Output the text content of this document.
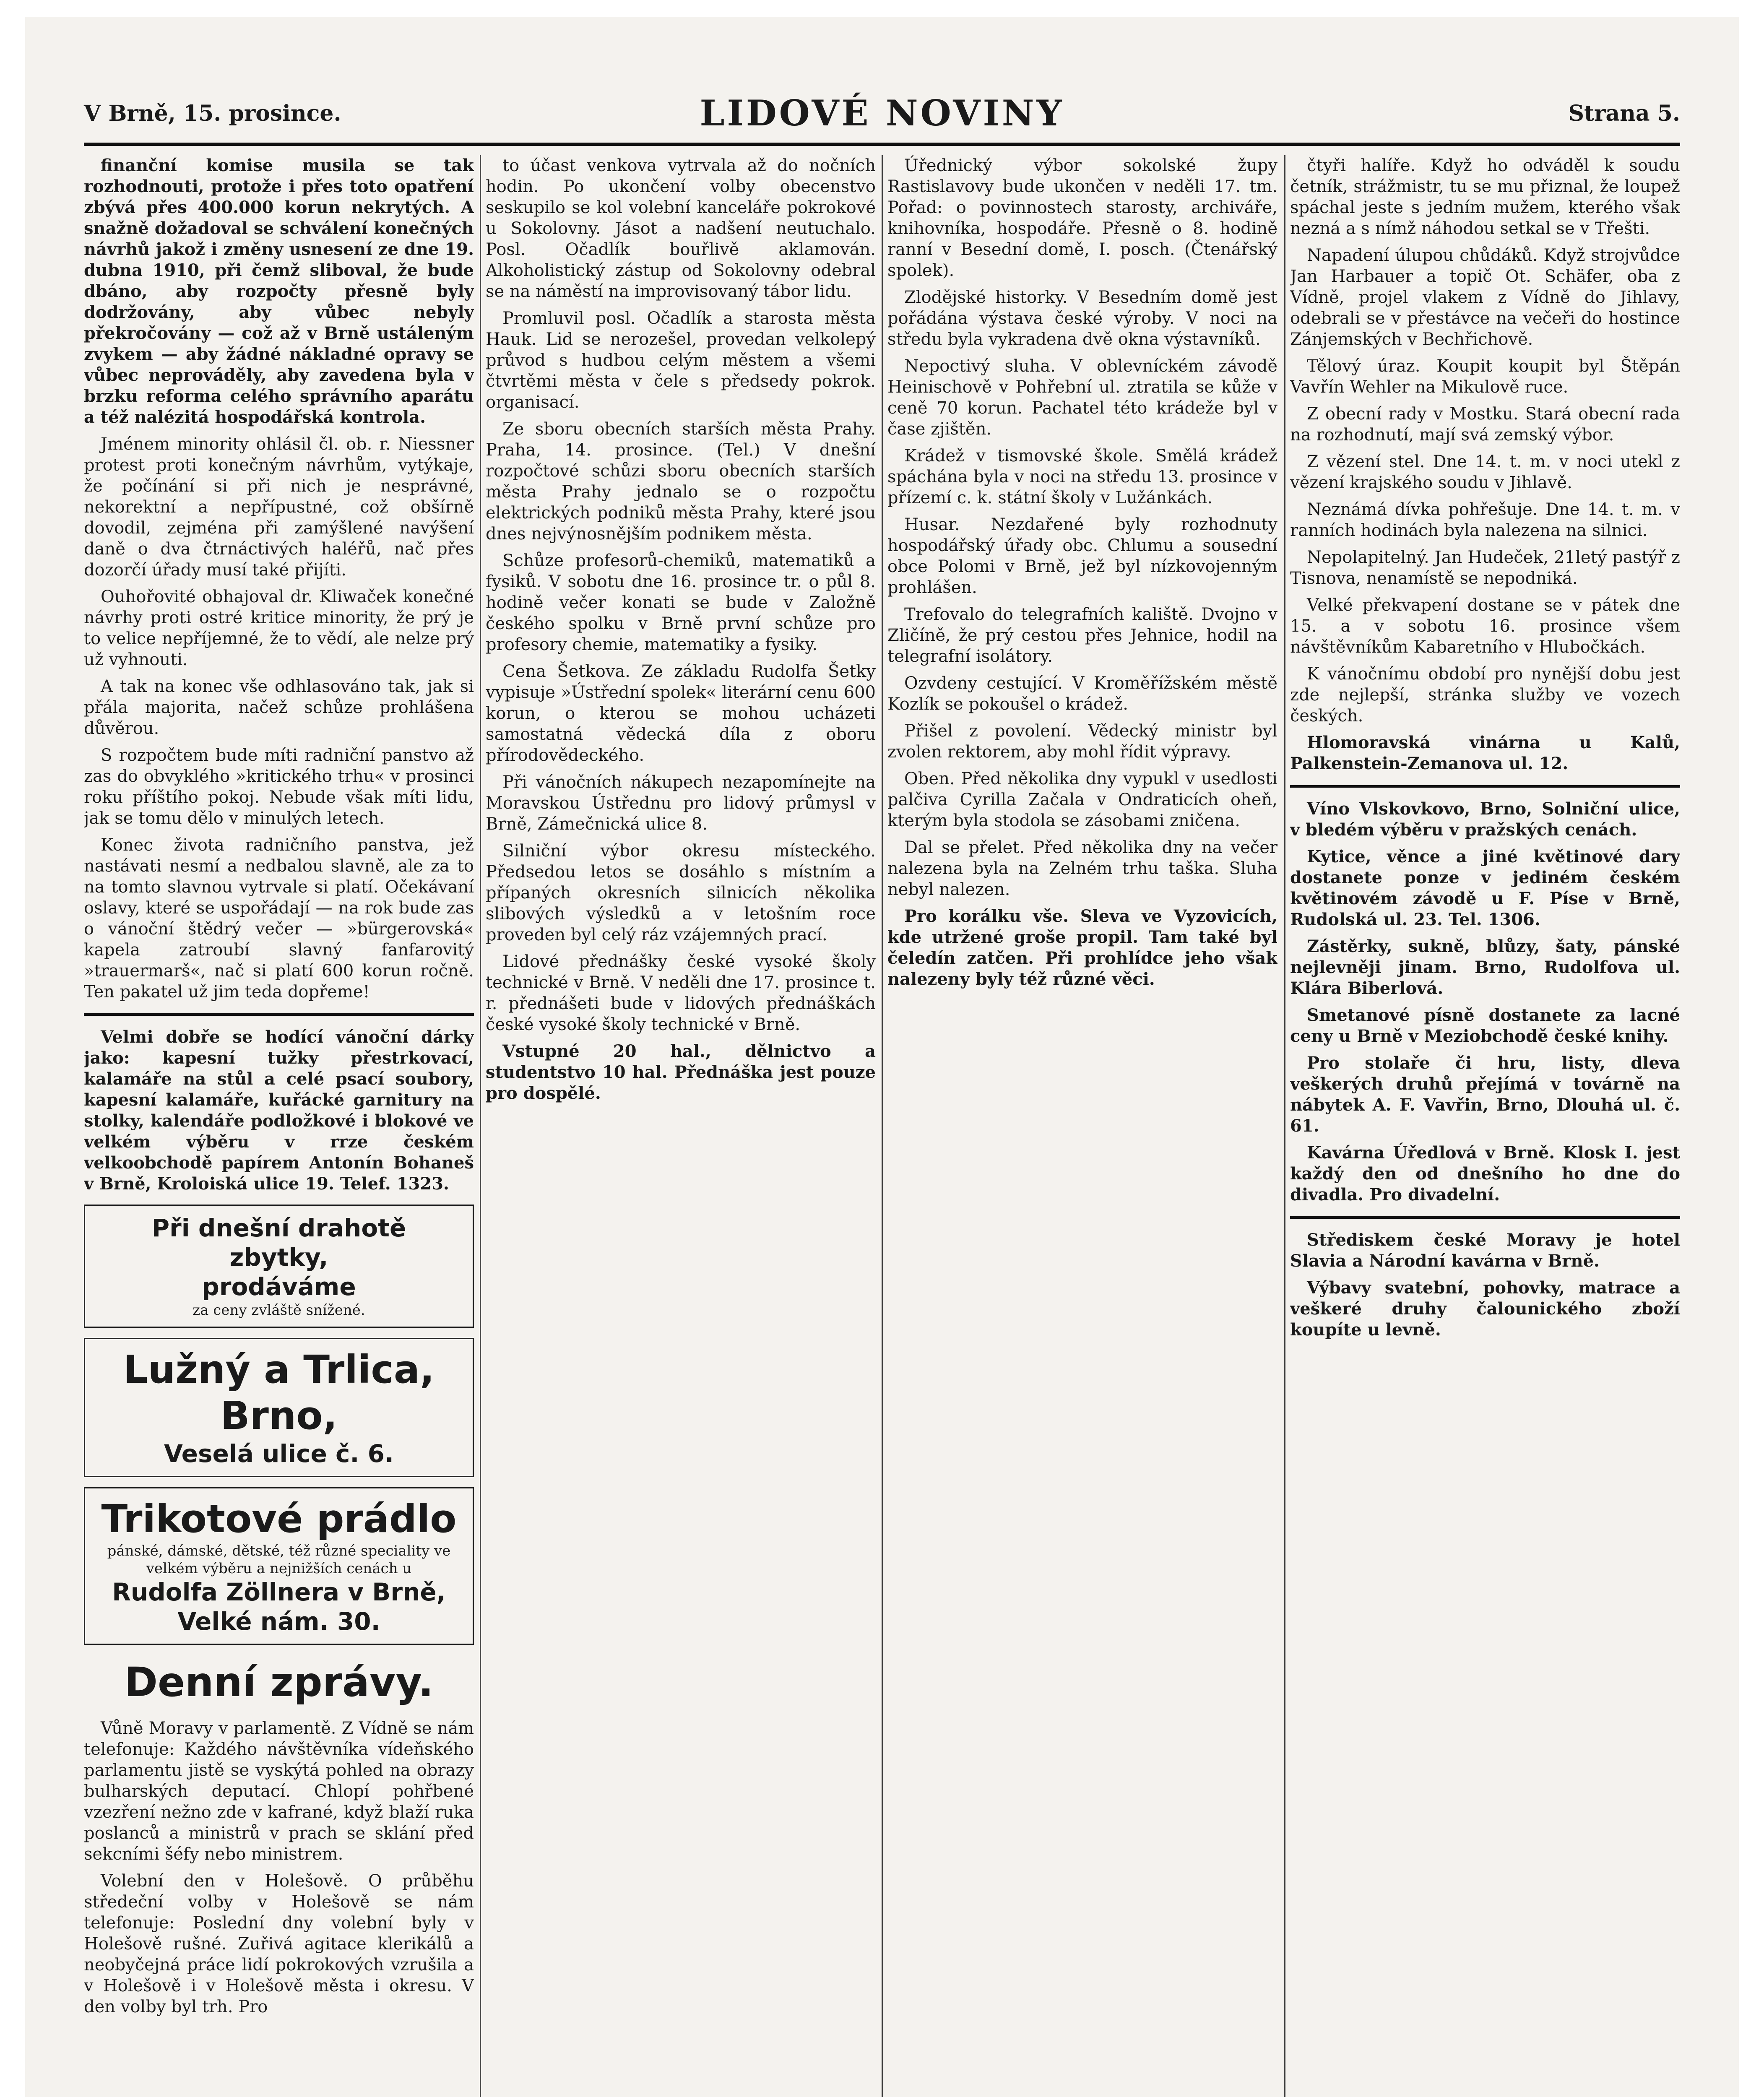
V Brně, 15. prosince.	LIDOVÉ NOVINY	Strana 5.

finanční komise musila se tak rozhodnouti, protože i přes toto opatření zbývá přes 400.000 korun nekrytých. A snažně dožadoval se schválení konečných návrhů jakož i změny usnesení ze dne 19. dubna 1910, při čemž sliboval, že bude dbáno, aby rozpočty přesně byly dodržovány, aby vůbec nebyly překročovány — což až v Brně ustáleným zvykem — aby žádné nákladné opravy se vůbec neprováděly, aby zavedena byla v brzku reforma celého správního aparátu a též nalézitá hospodářská kontrola.

Jménem minority ohlásil čl. ob. r. Niessner protest proti konečným návrhům, vytýkaje, že počínání si při nich je nesprávné, nekorektní a nepřípustné, což obšírně dovodil, zejména při zamýšlené navýšení daně o dva čtrnáctivých haléřů, nač přes dozorčí úřady musí také přijíti.

Ouhořovité obhajoval dr. Kliwaček konečné návrhy proti ostré kritice minority, že prý je to velice nepříjemné, že to vědí, ale nelze prý už vyhnouti.

A tak na konec vše odhlasováno tak, jak si přála majorita, načež schůze prohlášena důvěrou.

S rozpočtem bude míti radniční panstvo až zas do obvyklého »kritického trhu« v prosinci roku příštího pokoj. Nebude však míti lidu, jak se tomu dělo v minulých letech.

Konec života radničního panstva, jež nastávati nesmí a nedbalou slavně, ale za to na tomto slavnou vytrvale si platí. Očekávaní oslavy, které se uspořádají — na rok bude zas o vánoční štědrý večer — »bürgerovská« kapela zatroubí slavný fanfarovitý »trauermarš«, nač si platí 600 korun ročně. Ten pakatel už jim teda dopřeme!

Velmi dobře se hodící vánoční dárky jako: kapesní tužky přestrkovací, kalamáře na stůl a celé psací soubory, kapesní kalamáře, kuřácké garnitury na stolky, kalendáře podložkové i blokové ve velkém výběru v rrze českém velkoobchodě papírem Antonín Bohaneš v Brně, Kroloiská ulice 19. Telef. 1323.

Při dnešní drahotě
zbytky,
prodáváme
za ceny zvláště snížené.
Lužný a Trlica, Brno,
Veselá ulice č. 6.
Trikotové prádlo
pánské, dámské, dětské, též různé speciality ve velkém výběru a nejnižších cenách u
Rudolfa Zöllnera v Brně,
Velké nám. 30.
Denní zprávy.

Vůně Moravy v parlamentě. Z Vídně se nám telefonuje: Každého návštěvníka vídeňského parlamentu jistě se vyskýtá pohled na obrazy bulharských deputací. Chlopí pohřbené vzezření nežno zde v kafrané, když blaží ruka poslanců a ministrů v prach se sklání před sekcními šéfy nebo ministrem.

Volební den v Holešově. O průběhu středeční volby v Holešově se nám telefonuje: Poslední dny volební byly v Holešově rušné. Zuřivá agitace klerikálů a neobyčejná práce lidí pokrokových vzrušila a v Holešově i v Holešově města i okresu. V den volby byl trh. Pro

to účast venkova vytrvala až do nočních hodin. Po ukončení volby obecenstvo seskupilo se kol volební kanceláře pokrokové u Sokolovny. Jásot a nadšení neutuchalo. Posl. Očadlík bouřlivě aklamován. Alkoholistický zástup od Sokolovny odebral se na náměstí na improvisovaný tábor lidu.

Promluvil posl. Očadlík a starosta města Hauk. Lid se nerozešel, provedan velkolepý průvod s hudbou celým městem a všemi čtvrtěmi města v čele s předsedy pokrok. organisací.

Ze sboru obecních starších města Prahy. Praha, 14. prosince. (Tel.) V dnešní rozpočtové schůzi sboru obecních starších města Prahy jednalo se o rozpočtu elektrických podniků města Prahy, které jsou dnes nejvýnosnějším podnikem města.

Schůze profesorů-chemiků, matematiků a fysiků. V sobotu dne 16. prosince tr. o půl 8. hodině večer konati se bude v Založně českého spolku v Brně první schůze pro profesory chemie, matematiky a fysiky.

Cena Šetkova. Ze základu Rudolfa Šetky vypisuje »Ústřední spolek« literární cenu 600 korun, o kterou se mohou ucházeti samostatná vědecká díla z oboru přírodovědeckého.

Při vánočních nákupech nezapomínejte na Moravskou Ústřednu pro lidový průmysl v Brně, Zámečnická ulice 8.

Silniční výbor okresu místeckého. Předsedou letos se dosáhlo s místním a přípaných okresních silnicích několika slibových výsledků a v letošním roce proveden byl celý ráz vzájemných prací.

Lidové přednášky české vysoké školy technické v Brně. V neděli dne 17. prosince t. r. přednášeti bude v lidových přednáškách české vysoké školy technické v Brně.

Vstupné 20 hal., dělnictvo a studentstvo 10 hal. Přednáška jest pouze pro dospělé.

Úřednický výbor sokolské župy Rastislavovy bude ukončen v neděli 17. tm. Pořad: o povinnostech starosty, archiváře, knihovníka, hospodáře. Přesně o 8. hodině ranní v Besední domě, I. posch. (Čtenářský spolek).

Zlodějské historky. V Besedním domě jest pořádána výstava české výroby. V noci na středu byla vykradena dvě okna výstavníků.

Nepoctivý sluha. V oblevníckém závodě Heinischově v Pohřební ul. ztratila se kůže v ceně 70 korun. Pachatel této krádeže byl v čase zjištěn.

Krádež v tismovské škole. Smělá krádež spáchána byla v noci na středu 13. prosince v přízemí c. k. státní školy v Lužánkách.

Husar. Nezdařené byly rozhodnuty hospodářský úřady obc. Chlumu a sousední obce Polomi v Brně, jež byl nízkovojenným prohlášen.

Trefovalo do telegrafních kaliště. Dvojno v Zličíně, že prý cestou přes Jehnice, hodil na telegrafní isolátory.

Ozvdeny cestující. V Kroměřížském městě Kozlík se pokoušel o krádež.

Přišel z povolení. Vědecký ministr byl zvolen rektorem, aby mohl řídit výpravy.

Oben. Před několika dny vypukl v usedlosti palčiva Cyrilla Začala v Ondraticích oheň, kterým byla stodola se zásobami zničena.

Dal se přelet. Před několika dny na večer nalezena byla na Zelném trhu taška. Sluha nebyl nalezen.

Pro korálku vše. Sleva ve Vyzovicích, kde utržené groše propil. Tam také byl čeledín zatčen. Při prohlídce jeho však nalezeny byly též různé věci.

čtyři halíře. Když ho odváděl k soudu četník, strážmistr, tu se mu přiznal, že loupež spáchal jeste s jedním mužem, kterého však nezná a s nímž náhodou setkal se v Třešti.

Napadení úlupou chůdáků. Když strojvůdce Jan Harbauer a topič Ot. Schäfer, oba z Vídně, projel vlakem z Vídně do Jihlavy, odebrali se v přestávce na večeři do hostince Zánjemských v Bechřichově.

Tělový úraz. Koupit koupit byl Štěpán Vavřín Wehler na Mikulově ruce.

Z obecní rady v Mostku. Stará obecní rada na rozhodnutí, mají svá zemský výbor.

Z vězení stel. Dne 14. t. m. v noci utekl z vězení krajského soudu v Jihlavě.

Neznámá dívka pohřešuje. Dne 14. t. m. v ranních hodinách byla nalezena na silnici.

Nepolapitelný. Jan Hudeček, 21letý pastýř z Tisnova, nenamístě se nepodniká.

Velké překvapení dostane se v pátek dne 15. a v sobotu 16. prosince všem návštěvníkům Kabaretního v Hlubočkách.

K vánočnímu období pro nynější dobu jest zde nejlepší, stránka služby ve vozech českých.

Hlomoravská vinárna u Kalů, Palkenstein-Zemanova ul. 12.

Víno Vlskovkovo, Brno, Solniční ulice, v bledém výběru v pražských cenách.

Kytice, věnce a jiné květinové dary dostanete ponze v jediném českém květinovém závodě u F. Píse v Brně, Rudolská ul. 23. Tel. 1306.

Zástěrky, sukně, blůzy, šaty, pánské nejlevněji jinam. Brno, Rudolfova ul. Klára Biberlová.

Smetanové písně dostanete za lacné ceny u Brně v Meziobchodě české knihy.

Pro stolaře či hru, listy, dleva veškerých druhů přejímá v továrně na nábytek A. F. Vavřin, Brno, Dlouhá ul. č. 61.

Kavárna Úředlová v Brně. Klosk I. jest každý den od dnešního ho dne do divadla. Pro divadelní.

Střediskem české Moravy je hotel Slavia a Národní kavárna v Brně.

Výbavy svatební, pohovky, matrace a veškeré druhy čalounického zboží koupíte u levně.
